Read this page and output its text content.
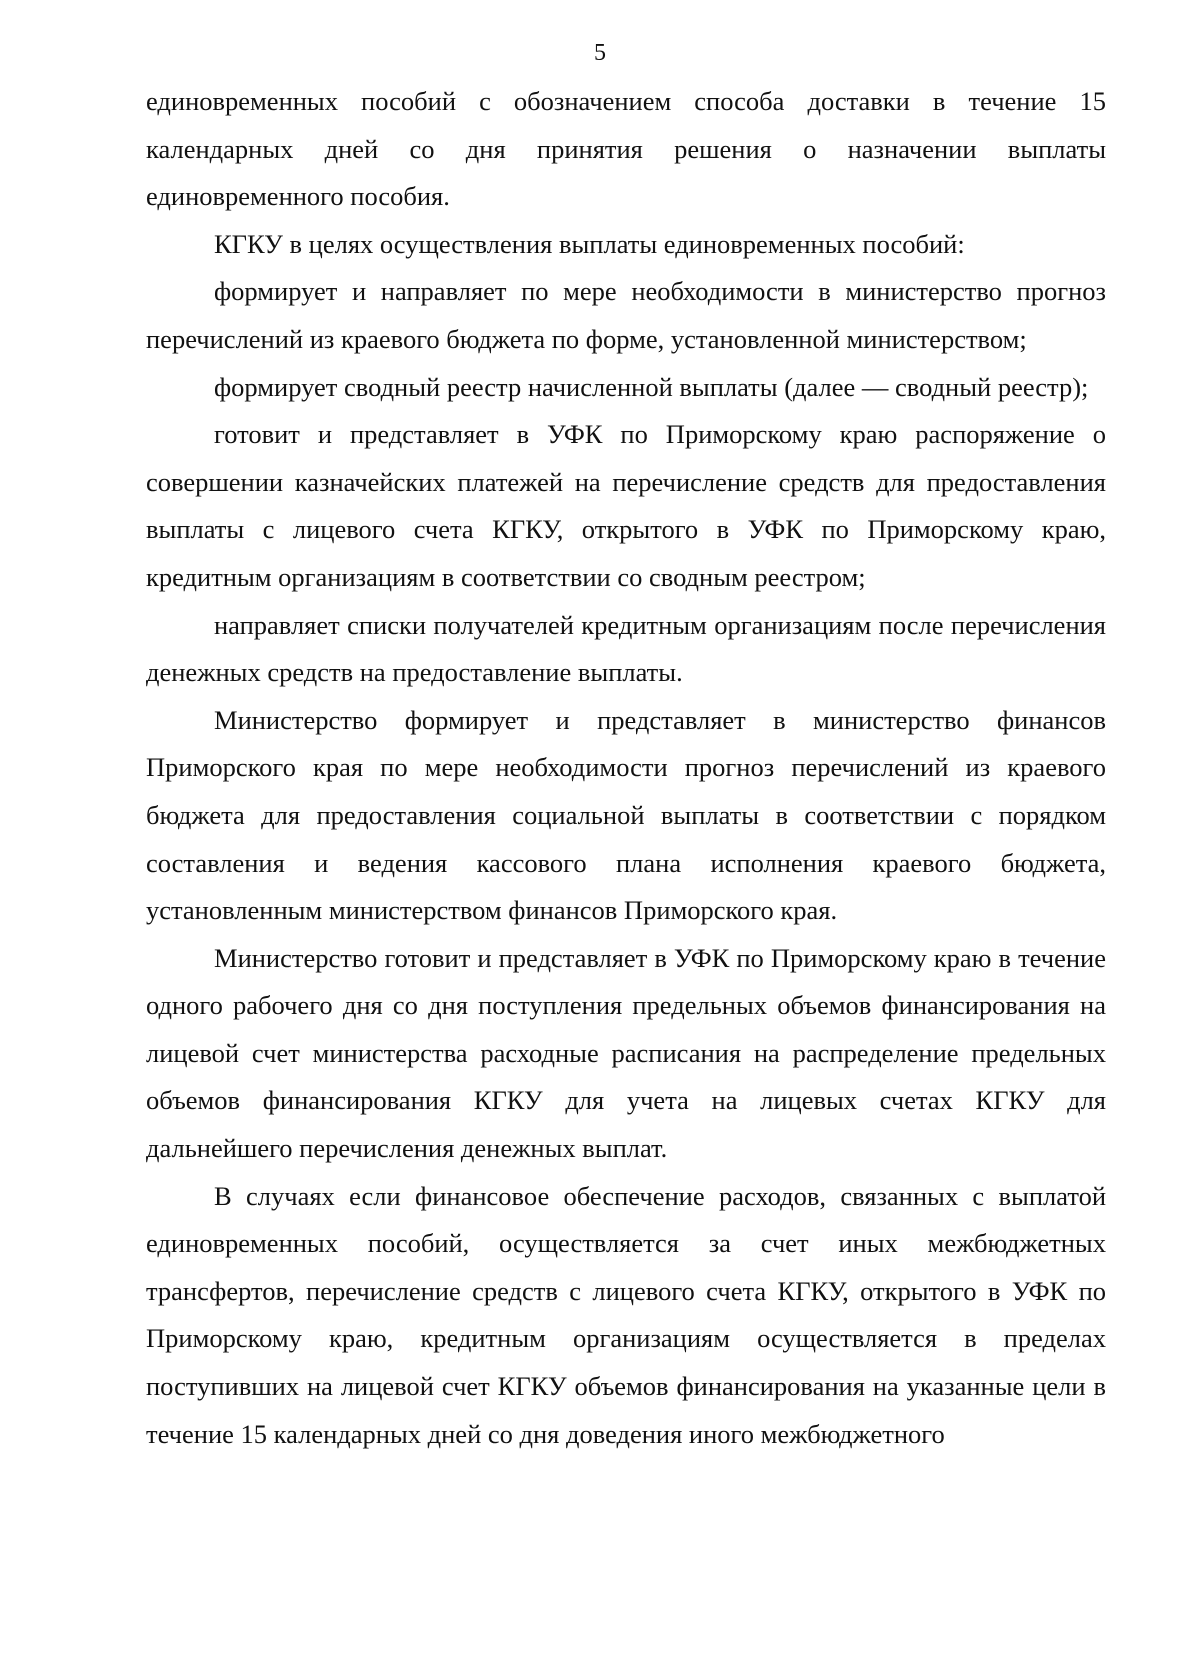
5

единовременных пособий с обозначением способа доставки в течение 15 календарных дней со дня принятия решения о назначении выплаты единовременного пособия.

КГКУ в целях осуществления выплаты единовременных пособий:

формирует и направляет по мере необходимости в министерство прогноз перечислений из краевого бюджета по форме, установленной министерством;

формирует сводный реестр начисленной выплаты (далее — сводный реестр);

готовит и представляет в УФК по Приморскому краю распоряжение о совершении казначейских платежей на перечисление средств для предоставления выплаты с лицевого счета КГКУ, открытого в УФК по Приморскому краю, кредитным организациям в соответствии со сводным реестром;

направляет списки получателей кредитным организациям после перечисления денежных средств на предоставление выплаты.

Министерство формирует и представляет в министерство финансов Приморского края по мере необходимости прогноз перечислений из краевого бюджета для предоставления социальной выплаты в соответствии с порядком составления и ведения кассового плана исполнения краевого бюджета, установленным министерством финансов Приморского края.

Министерство готовит и представляет в УФК по Приморскому краю в течение одного рабочего дня со дня поступления предельных объемов финансирования на лицевой счет министерства расходные расписания на распределение предельных объемов финансирования КГКУ для учета на лицевых счетах КГКУ для дальнейшего перечисления денежных выплат.

В случаях если финансовое обеспечение расходов, связанных с выплатой единовременных пособий, осуществляется за счет иных межбюджетных трансфертов, перечисление средств с лицевого счета КГКУ, открытого в УФК по Приморскому краю, кредитным организациям осуществляется в пределах поступивших на лицевой счет КГКУ объемов финансирования на указанные цели в течение 15 календарных дней со дня доведения иного межбюджетного
